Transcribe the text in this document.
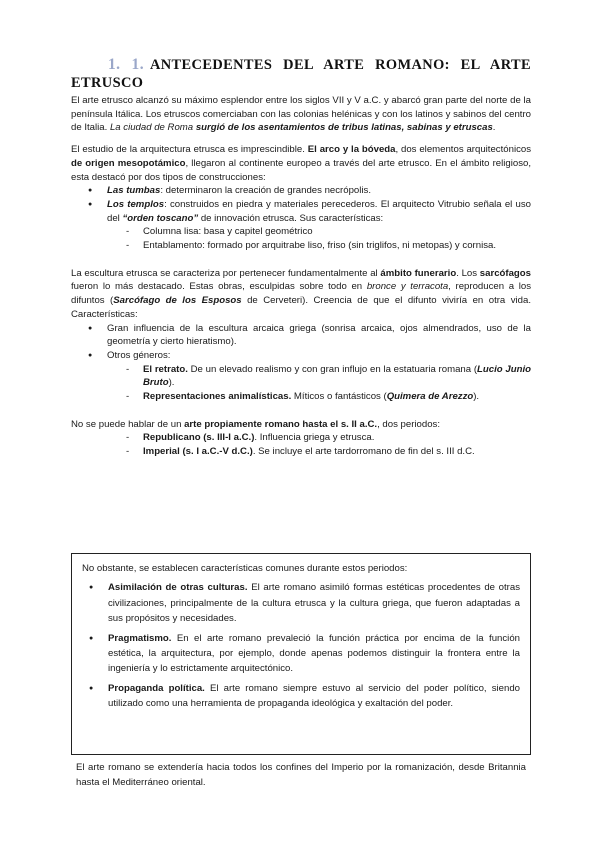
1. 1. ANTECEDENTES DEL ARTE ROMANO: EL ARTE ETRUSCO

El arte etrusco alcanzó su máximo esplendor entre los siglos VII y V a.C. y abarcó gran parte del norte de la península Itálica. Los etruscos comerciaban con las colonias helénicas y con los latinos y sabinos del centro de Italia. La ciudad de Roma surgió de los asentamientos de tribus latinas, sabinas y etruscas.

El estudio de la arquitectura etrusca es imprescindible. El arco y la bóveda, dos elementos arquitectónicos de origen mesopotámico, llegaron al continente europeo a través del arte etrusco. En el ámbito religioso, esta destacó por dos tipos de construcciones:

● Las tumbas: determinaron la creación de grandes necrópolis.
● Los templos: construidos en piedra y materiales perecederos. El arquitecto Vitrubio señala el uso del “orden toscano” de innovación etrusca. Sus características:
- Columna lisa: basa y capitel geométrico
- Entablamento: formado por arquitrabe liso, friso (sin triglifos, ni metopas) y cornisa.

La escultura etrusca se caracteriza por pertenecer fundamentalmente al ámbito funerario. Los sarcófagos fueron lo más destacado. Estas obras, esculpidas sobre todo en bronce y terracota, reproducen a los difuntos (Sarcófago de los Esposos de Cerveteri). Creencia de que el difunto viviría en otra vida. Características:

● Gran influencia de la escultura arcaica griega (sonrisa arcaica, ojos almendrados, uso de la geometría y cierto hieratismo).
● Otros géneros:
- El retrato. De un elevado realismo y con gran influjo en la estatuaria romana (Lucio Junio Bruto).
- Representaciones animalísticas. Míticos o fantásticos (Quimera de Arezzo).

No se puede hablar de un arte propiamente romano hasta el s. II a.C., dos periodos:

- Republicano (s. III-I a.C.). Influencia griega y etrusca.
- Imperial (s. I a.C.-V d.C.). Se incluye el arte tardorromano de fin del s. III d.C.

No obstante, se establecen características comunes durante estos periodos:

● Asimilación de otras culturas. El arte romano asimiló formas estéticas procedentes de otras civilizaciones, principalmente de la cultura etrusca y la cultura griega, que fueron adaptadas a sus propósitos y necesidades.
● Pragmatismo. En el arte romano prevaleció la función práctica por encima de la función estética, la arquitectura, por ejemplo, donde apenas podemos distinguir la frontera entre la ingeniería y lo estrictamente arquitectónico.
● Propaganda política. El arte romano siempre estuvo al servicio del poder político, siendo utilizado como una herramienta de propaganda ideológica y exaltación del poder.

El arte romano se extendería hacia todos los confines del Imperio por la romanización, desde Britannia hasta el Mediterráneo oriental.
